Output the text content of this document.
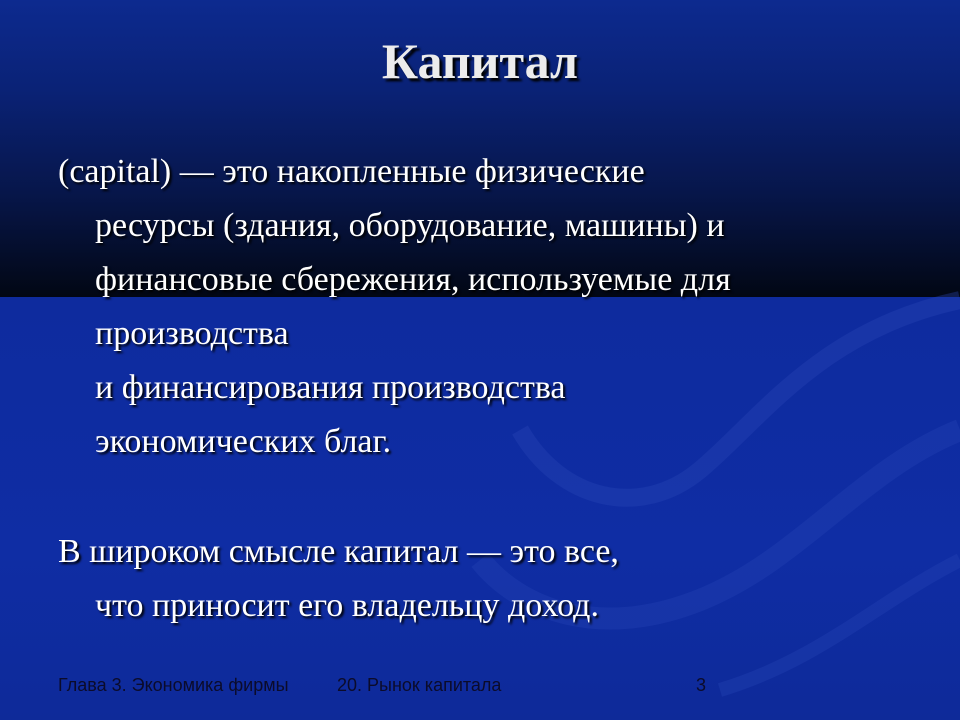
Капитал
(capital) — это накопленные физические
ресурсы (здания, оборудование, машины) и
финансовые сбережения, используемые для
производства
и финансирования производства
экономических благ.
В широком смысле капитал — это все,
что приносит его владельцу доход.
Глава 3. Экономика фирмы	20. Рынок капитала	3
